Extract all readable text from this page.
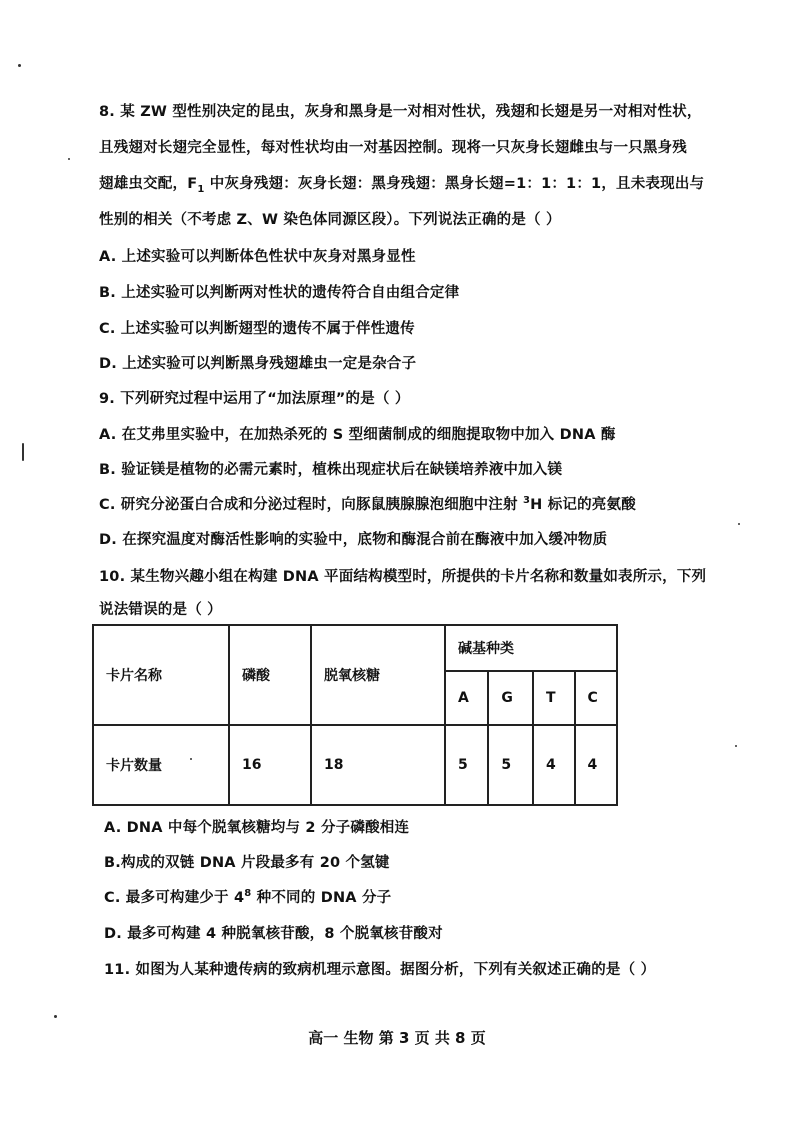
8. 某 ZW 型性别决定的昆虫，灰身和黑身是一对相对性状，残翅和长翅是另一对相对性状，
且残翅对长翅完全显性，每对性状均由一对基因控制。现将一只灰身长翅雌虫与一只黑身残
翅雄虫交配，$F_1$ 中灰身残翅：灰身长翅：黑身残翅：黑身长翅=1：1：1：1，且未表现出与
性别的相关（不考虑 Z、W 染色体同源区段）。下列说法正确的是（ ）
A. 上述实验可以判断体色性状中灰身对黑身显性
B. 上述实验可以判断两对性状的遗传符合自由组合定律
C. 上述实验可以判断翅型的遗传不属于伴性遗传
D. 上述实验可以判断黑身残翅雄虫一定是杂合子
9. 下列研究过程中运用了“加法原理”的是（ ）
A. 在艾弗里实验中，在加热杀死的 S 型细菌制成的细胞提取物中加入 DNA 酶
B. 验证镁是植物的必需元素时，植株出现症状后在缺镁培养液中加入镁
C. 研究分泌蛋白合成和分泌过程时，向豚鼠胰腺腺泡细胞中注射 $^3$H 标记的亮氨酸
D. 在探究温度对酶活性影响的实验中，底物和酶混合前在酶液中加入缓冲物质
10. 某生物兴趣小组在构建 DNA 平面结构模型时，所提供的卡片名称和数量如表所示，下列
说法错误的是（ ）
卡片名称	磷酸	脱氧核糖	碱基种类			
			A	G	T	C
卡片数量	16	18	5	5	4	4
A. DNA 中每个脱氧核糖均与 2 分子磷酸相连
B.构成的双链 DNA 片段最多有 20 个氢键
C. 最多可构建少于 $4^8$ 种不同的 DNA 分子
D. 最多可构建 4 种脱氧核苷酸，8 个脱氧核苷酸对
11. 如图为人某种遗传病的致病机理示意图。据图分析，下列有关叙述正确的是（ ）
高一 生物 第 3 页 共 8 页
